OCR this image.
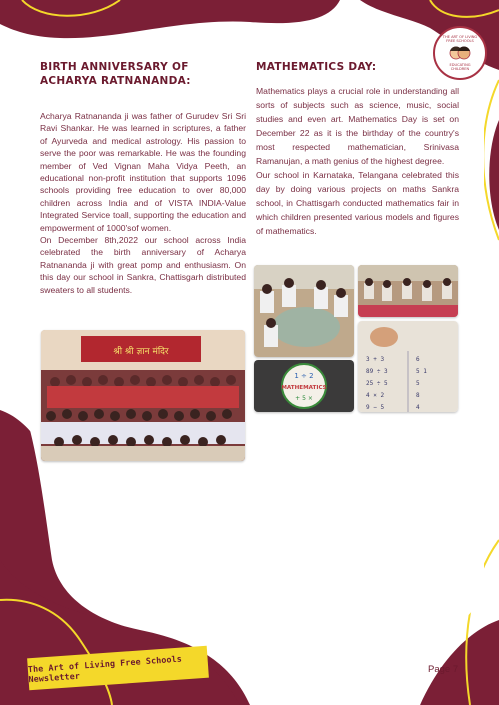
THE ART OF LIVING FREE SCHOOLS
EDUCATING CHILDREN
BIRTH ANNIVERSARY OF ACHARYA RATNANANDA:

Acharya Ratnananda ji was father of Gurudev Sri Sri Ravi Shankar. He was learned in scriptures, a father of Ayurveda and medical astrology. His passion to serve the poor was remarkable. He was the founding member of Ved Vignan Maha Vidya Peeth, an educational non-profit institution that supports 1096 schools providing free education to over 80,000 children across India and of VISTA INDIA-Value Integrated Service toall, supporting the education and empowerment of 1000'sof women.

On December 8th,2022 our school across India celebrated the birth anniversary of Acharya Ratnananda ji with great pomp and enthusiasm. On this day our school in Sankra, Chattisgarh distributed sweaters to all students.

श्री श्री ज्ञान मंदिर
MATHEMATICS DAY:

Mathematics plays a crucial role in understanding all sorts of subjects such as science, music, social studies and even art. Mathematics Day is set on December 22 as it is the birthday of the country's most respected mathematician, Srinivasa Ramanujan, a math genius of the highest degree.

Our school in Karnataka, Telangana celebrated this day by doing various projects on maths Sankra school, in Chattisgarh conducted mathematics fair in which children presented various models and figures of mathematics.

1 ÷ 2
MATHEMATICS
+ 5 ×
3 + 3	6
89 ÷ 3	5 1
25 ÷ 5	5
4 × 2	8
9 − 5	4
The Art of Living Free Schools Newsletter
Page 7
